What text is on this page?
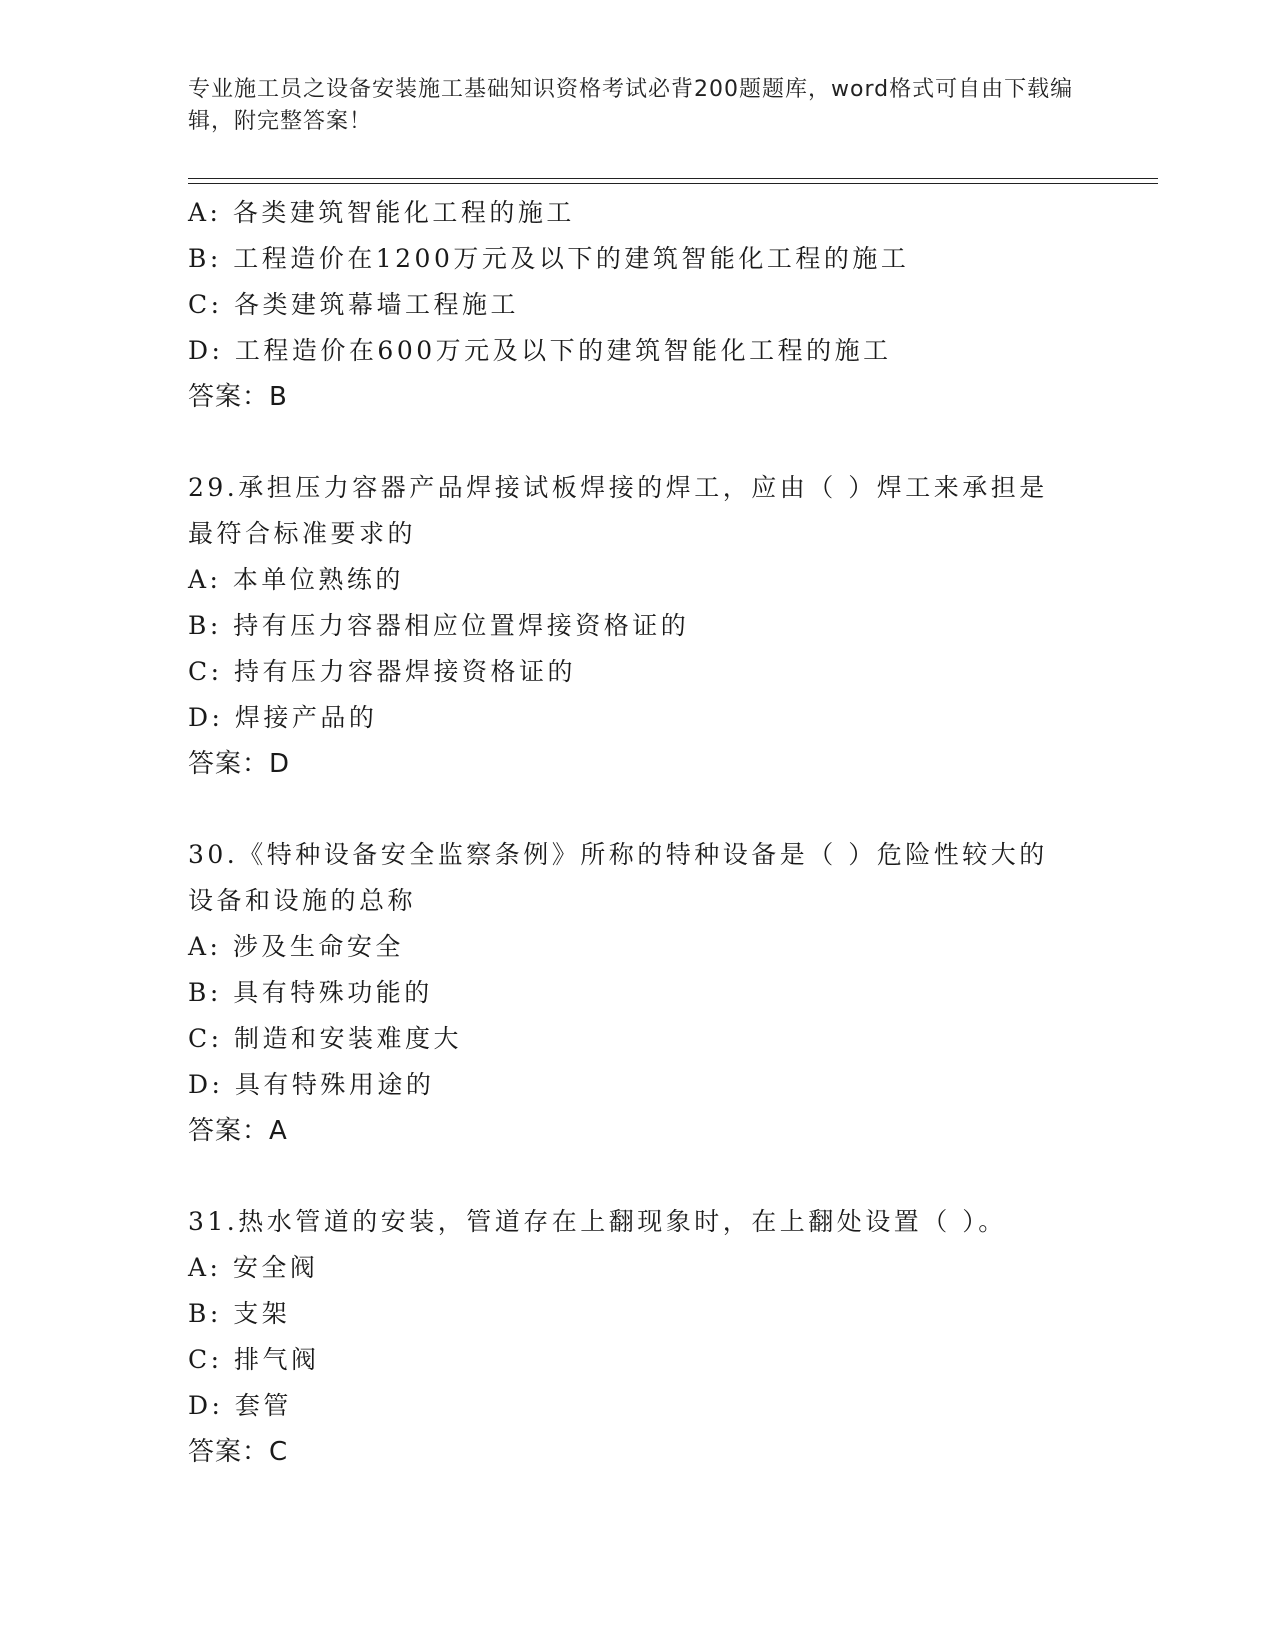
专业施工员之设备安装施工基础知识资格考试必背200题题库，word格式可自由下载编辑，附完整答案！
A: 各类建筑智能化工程的施工
B: 工程造价在1200万元及以下的建筑智能化工程的施工
C: 各类建筑幕墙工程施工
D: 工程造价在600万元及以下的建筑智能化工程的施工
答案：B
29.承担压力容器产品焊接试板焊接的焊工，应由（ ）焊工来承担是
最符合标准要求的
A: 本单位熟练的
B: 持有压力容器相应位置焊接资格证的
C: 持有压力容器焊接资格证的
D: 焊接产品的
答案：D
30.《特种设备安全监察条例》所称的特种设备是（ ）危险性较大的
设备和设施的总称
A: 涉及生命安全
B: 具有特殊功能的
C: 制造和安装难度大
D: 具有特殊用途的
答案：A
31.热水管道的安装，管道存在上翻现象时，在上翻处设置（ ）。
A: 安全阀
B: 支架
C: 排气阀
D: 套管
答案：C
